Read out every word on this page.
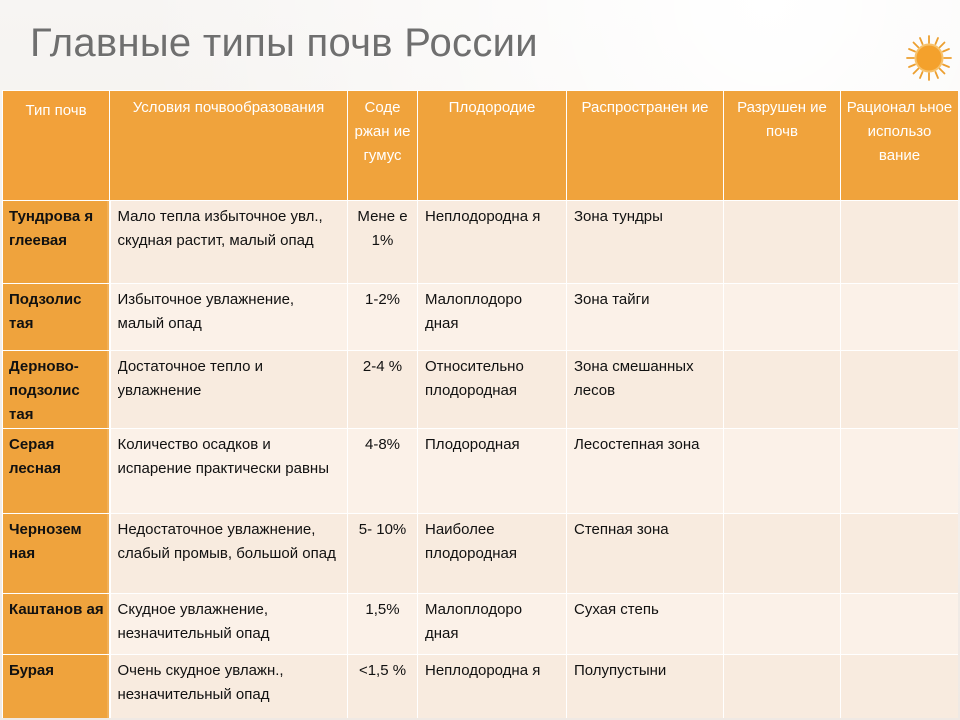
Главные типы почв России
Тип почв	Условия почвообразования	Соде ржан ие гумус	Плодородие	Распространен ие	Разрушен ие почв	Рационал ьное использо вание

Тундрова я глеевая	Мало тепла избыточное увл., скудная растит, малый опад	Мене е 1%	Неплодородна я	Зона тундры		

Подзолис тая	Избыточное увлажнение, малый опад	1-2%	Малоплодоро дная	Зона тайги		

Дерново- подзолис тая	Достаточное тепло и увлажнение	2-4 %	Относительно плодородная	Зона смешанных лесов		

Серая лесная	Количество осадков и испарение практически равны	4-8%	Плодородная	Лесостепная зона		

Чернозем ная	Недостаточное увлажнение, слабый промыв, большой опад	5- 10%	Наиболее плодородная	Степная зона		

Каштанов ая	Скудное увлажнение, незначительный опад	1,5%	Малоплодоро дная	Сухая степь		

Бурая	Очень скудное увлажн., незначительный опад	<1,5 %	Неплодородна я	Полупустыни		
